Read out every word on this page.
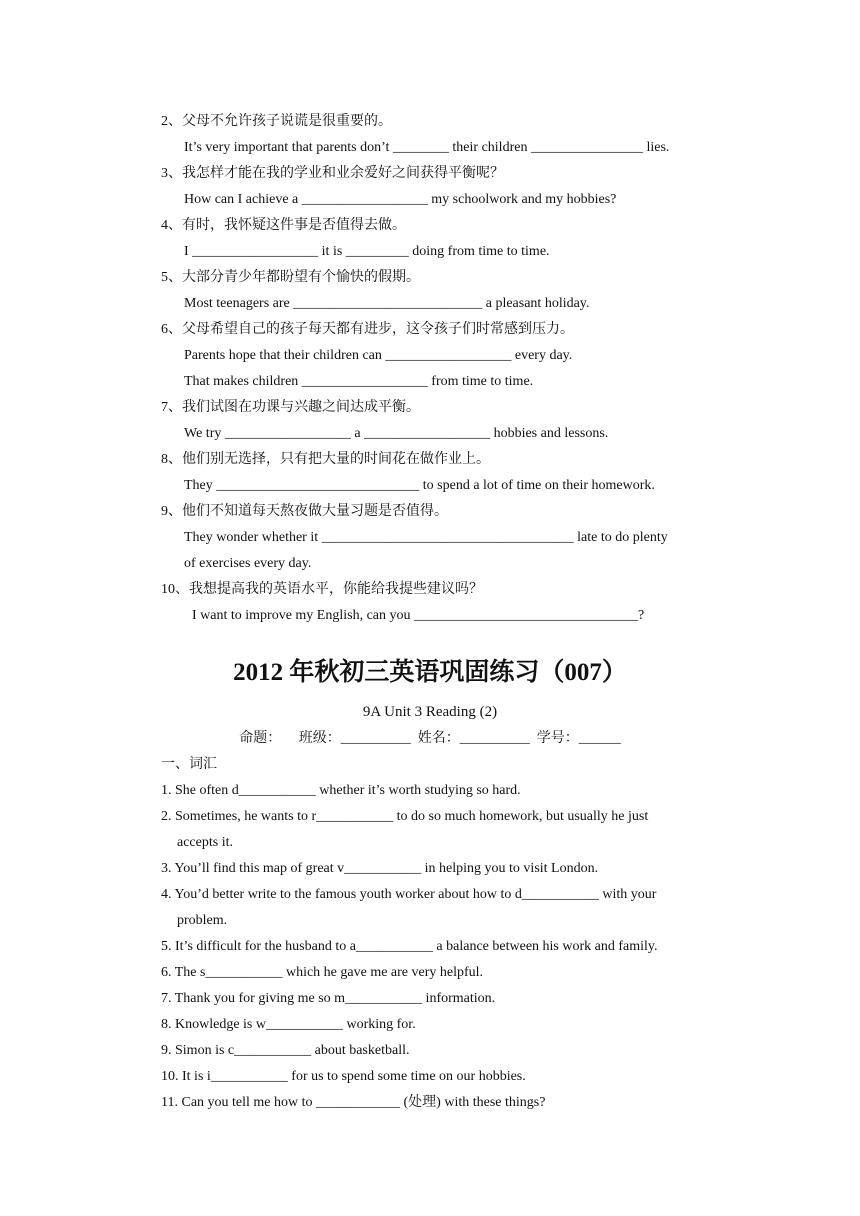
2、父母不允许孩子说谎是很重要的。
It’s very important that parents don’t ________ their children ________________ lies.
3、我怎样才能在我的学业和业余爱好之间获得平衡呢？
How can I achieve a __________________ my schoolwork and my hobbies?
4、有时，我怀疑这件事是否值得去做。
I __________________ it is _________ doing from time to time.
5、大部分青少年都盼望有个愉快的假期。
Most teenagers are ___________________________ a pleasant holiday.
6、父母希望自己的孩子每天都有进步，这令孩子们时常感到压力。
Parents hope that their children can __________________ every day.
That makes children __________________ from time to time.
7、我们试图在功课与兴趣之间达成平衡。
We try __________________ a __________________ hobbies and lessons.
8、他们别无选择，只有把大量的时间花在做作业上。
They _____________________________ to spend a lot of time on their homework.
9、他们不知道每天熬夜做大量习题是否值得。
They wonder whether it ____________________________________ late to do plenty
of exercises every day.
10、我想提高我的英语水平，你能给我提些建议吗？
I want to improve my English, can you ________________________________?
2012 年秋初三英语巩固练习（007）
9A Unit 3 Reading (2)
命题：     班级：__________  姓名：__________  学号：______
一、词汇
1. She often d___________ whether it’s worth studying so hard.
2. Sometimes, he wants to r___________ to do so much homework, but usually he just
accepts it.
3. You’ll find this map of great v___________ in helping you to visit London.
4. You’d better write to the famous youth worker about how to d___________ with your
problem.
5. It’s difficult for the husband to a___________ a balance between his work and family.
6. The s___________ which he gave me are very helpful.
7. Thank you for giving me so m___________ information.
8. Knowledge is w___________ working for.
9. Simon is c___________ about basketball.
10. It is i___________ for us to spend some time on our hobbies.
11. Can you tell me how to ____________ (处理) with these things?
